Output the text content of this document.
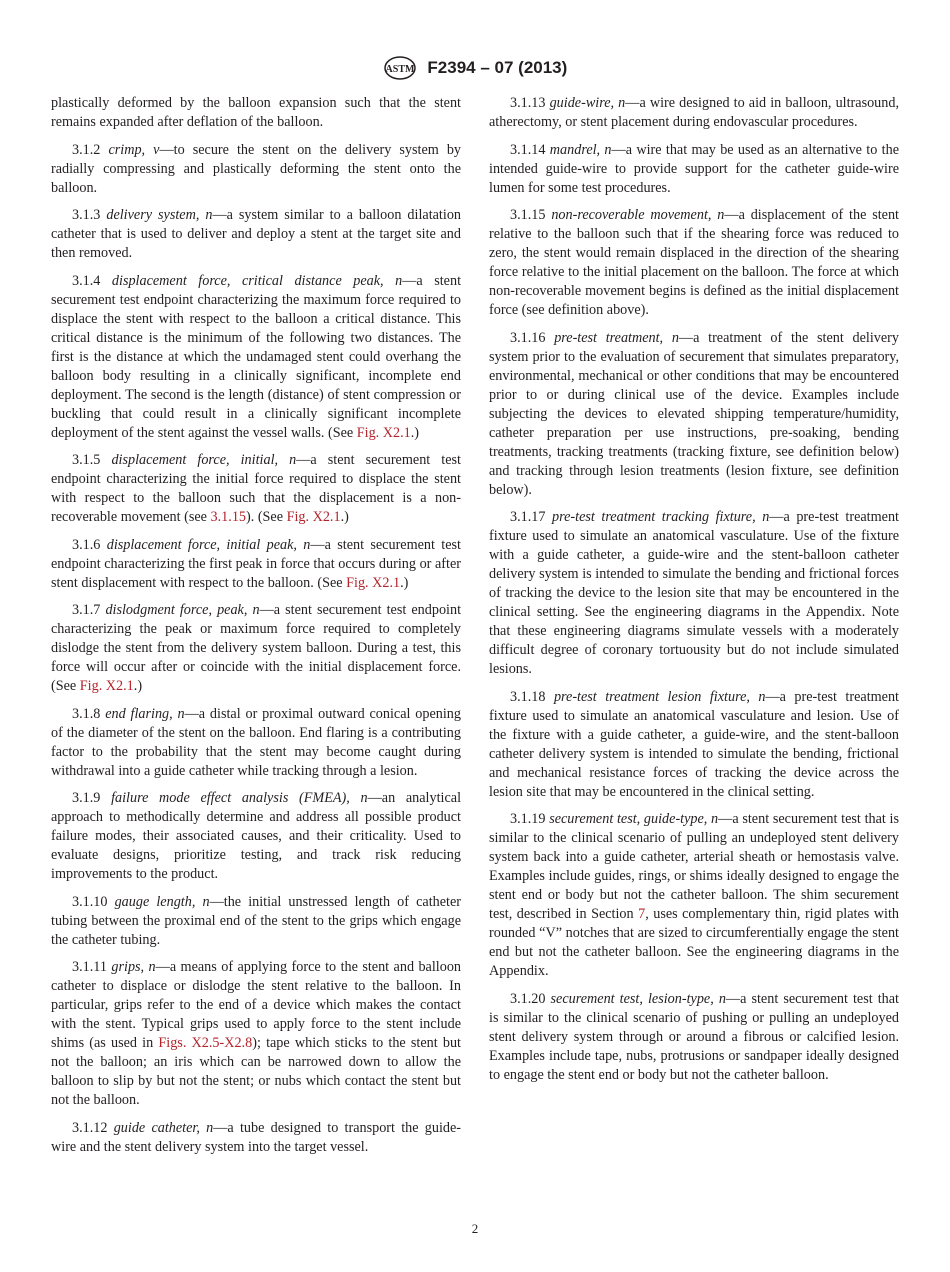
ASTM F2394 – 07 (2013)

plastically deformed by the balloon expansion such that the stent remains expanded after deflation of the balloon.

3.1.2 crimp, v—to secure the stent on the delivery system by radially compressing and plastically deforming the stent onto the balloon.

3.1.3 delivery system, n—a system similar to a balloon dilatation catheter that is used to deliver and deploy a stent at the target site and then removed.

3.1.4 displacement force, critical distance peak, n—a stent securement test endpoint characterizing the maximum force required to displace the stent with respect to the balloon a critical distance. This critical distance is the minimum of the following two distances. The first is the distance at which the undamaged stent could overhang the balloon body resulting in a clinically significant, incomplete end deployment. The second is the length (distance) of stent compression or buckling that could result in a clinically significant incomplete deployment of the stent against the vessel walls. (See Fig. X2.1.)

3.1.5 displacement force, initial, n—a stent securement test endpoint characterizing the initial force required to displace the stent with respect to the balloon such that the displacement is a non-recoverable movement (see 3.1.15). (See Fig. X2.1.)

3.1.6 displacement force, initial peak, n—a stent securement test endpoint characterizing the first peak in force that occurs during or after stent displacement with respect to the balloon. (See Fig. X2.1.)

3.1.7 dislodgment force, peak, n—a stent securement test endpoint characterizing the peak or maximum force required to completely dislodge the stent from the delivery system balloon. During a test, this force will occur after or coincide with the initial displacement force. (See Fig. X2.1.)

3.1.8 end flaring, n—a distal or proximal outward conical opening of the diameter of the stent on the balloon. End flaring is a contributing factor to the probability that the stent may become caught during withdrawal into a guide catheter while tracking through a lesion.

3.1.9 failure mode effect analysis (FMEA), n—an analytical approach to methodically determine and address all possible product failure modes, their associated causes, and their criticality. Used to evaluate designs, prioritize testing, and track risk reducing improvements to the product.

3.1.10 gauge length, n—the initial unstressed length of catheter tubing between the proximal end of the stent to the grips which engage the catheter tubing.

3.1.11 grips, n—a means of applying force to the stent and balloon catheter to displace or dislodge the stent relative to the balloon. In particular, grips refer to the end of a device which makes the contact with the stent. Typical grips used to apply force to the stent include shims (as used in Figs. X2.5-X2.8); tape which sticks to the stent but not the balloon; an iris which can be narrowed down to allow the balloon to slip by but not the stent; or nubs which contact the stent but not the balloon.

3.1.12 guide catheter, n—a tube designed to transport the guide-wire and the stent delivery system into the target vessel.

3.1.13 guide-wire, n—a wire designed to aid in balloon, ultrasound, atherectomy, or stent placement during endovascular procedures.

3.1.14 mandrel, n—a wire that may be used as an alternative to the intended guide-wire to provide support for the catheter guide-wire lumen for some test procedures.

3.1.15 non-recoverable movement, n—a displacement of the stent relative to the balloon such that if the shearing force was reduced to zero, the stent would remain displaced in the direction of the shearing force relative to the initial placement on the balloon. The force at which non-recoverable movement begins is defined as the initial displacement force (see definition above).

3.1.16 pre-test treatment, n—a treatment of the stent delivery system prior to the evaluation of securement that simulates preparatory, environmental, mechanical or other conditions that may be encountered prior to or during clinical use of the device. Examples include subjecting the devices to elevated shipping temperature/humidity, catheter preparation per use instructions, pre-soaking, bending treatments, tracking treatments (tracking fixture, see definition below) and tracking through lesion treatments (lesion fixture, see definition below).

3.1.17 pre-test treatment tracking fixture, n—a pre-test treatment fixture used to simulate an anatomical vasculature. Use of the fixture with a guide catheter, a guide-wire and the stent-balloon catheter delivery system is intended to simulate the bending and frictional forces of tracking the device to the lesion site that may be encountered in the clinical setting. See the engineering diagrams in the Appendix. Note that these engineering diagrams simulate vessels with a moderately difficult degree of coronary tortuousity but do not include simulated lesions.

3.1.18 pre-test treatment lesion fixture, n—a pre-test treatment fixture used to simulate an anatomical vasculature and lesion. Use of the fixture with a guide catheter, a guide-wire, and the stent-balloon catheter delivery system is intended to simulate the bending, frictional and mechanical resistance forces of tracking the device across the lesion site that may be encountered in the clinical setting.

3.1.19 securement test, guide-type, n—a stent securement test that is similar to the clinical scenario of pulling an undeployed stent delivery system back into a guide catheter, arterial sheath or hemostasis valve. Examples include guides, rings, or shims ideally designed to engage the stent end or body but not the catheter balloon. The shim securement test, described in Section 7, uses complementary thin, rigid plates with rounded “V” notches that are sized to circumferentially engage the stent end but not the catheter balloon. See the engineering diagrams in the Appendix.

3.1.20 securement test, lesion-type, n—a stent securement test that is similar to the clinical scenario of pushing or pulling an undeployed stent delivery system through or around a fibrous or calcified lesion. Examples include tape, nubs, protrusions or sandpaper ideally designed to engage the stent end or body but not the catheter balloon.

2
